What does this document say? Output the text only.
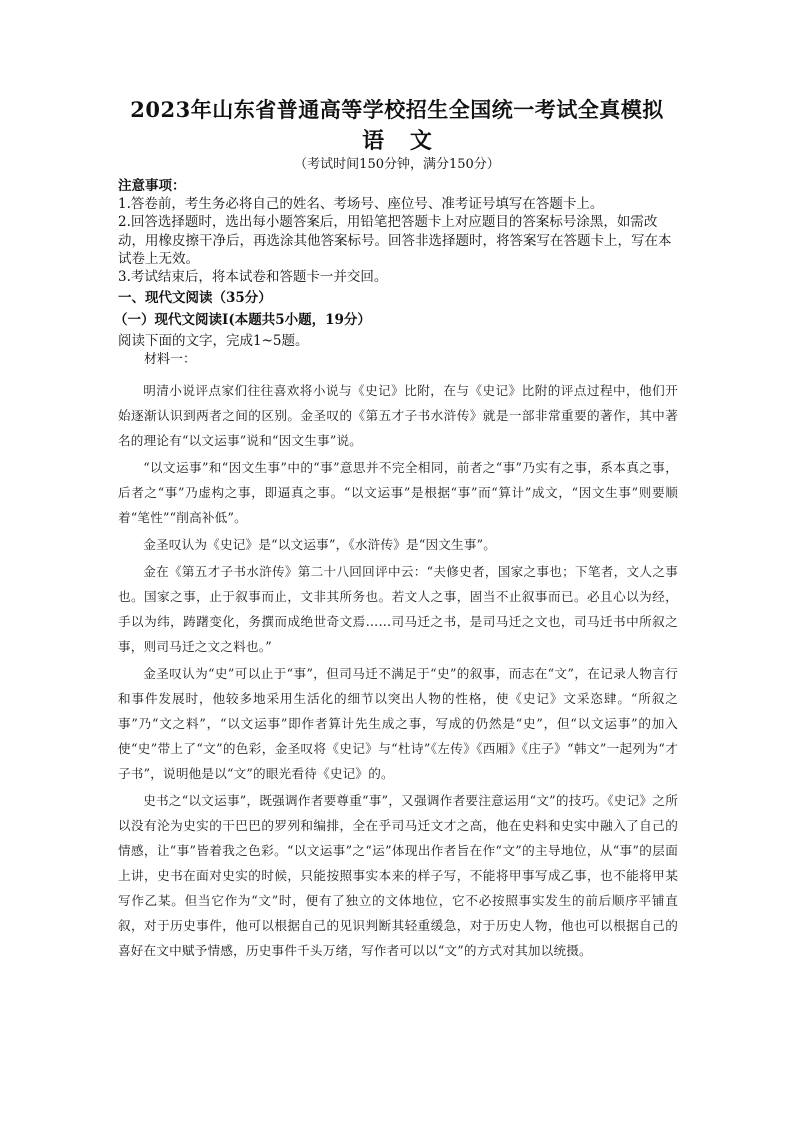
2023年山东省普通高等学校招生全国统一考试全真模拟
语 文
（考试时间150分钟，满分150分）

注意事项：

1.答卷前，考生务必将自己的姓名、考场号、座位号、准考证号填写在答题卡上。

2.回答选择题时，选出每小题答案后，用铅笔把答题卡上对应题目的答案标号涂黑，如需改动，用橡皮擦干净后，再选涂其他答案标号。回答非选择题时，将答案写在答题卡上，写在本试卷上无效。

3.考试结束后，将本试卷和答题卡一并交回。

一、现代文阅读（35分）
（一）现代文阅读Ⅰ(本题共5小题，19分）
阅读下面的文字，完成1~5题。
材料一：

明清小说评点家们往往喜欢将小说与《史记》比附，在与《史记》比附的评点过程中，他们开始逐渐认识到两者之间的区别。金圣叹的《第五才子书水浒传》就是一部非常重要的著作，其中著名的理论有“以文运事”说和“因文生事”说。

“以文运事”和“因文生事”中的“事”意思并不完全相同，前者之“事”乃实有之事，系本真之事，后者之“事”乃虚构之事，即逼真之事。“以文运事”是根据“事”而“算计”成文，“因文生事”则要顺着“笔性”“削高补低”。

金圣叹认为《史记》是“以文运事”，《水浒传》是“因文生事”。

金在《第五才子书水浒传》第二十八回回评中云：“夫修史者，国家之事也；下笔者，文人之事也。国家之事，止于叙事而止，文非其所务也。若文人之事，固当不止叙事而已。必且心以为经，手以为纬，踌躇变化，务撰而成绝世奇文焉……司马迁之书，是司马迁之文也，司马迁书中所叙之事，则司马迁之文之料也。”

金圣叹认为“史”可以止于“事”，但司马迁不满足于“史”的叙事，而志在“文”，在记录人物言行和事件发展时，他较多地采用生活化的细节以突出人物的性格，使《史记》文采恣肆。“所叙之事”乃“文之料”，“以文运事”即作者算计先生成之事，写成的仍然是“史”，但“以文运事”的加入使“史”带上了“文”的色彩，金圣叹将《史记》与“杜诗”《左传》《西厢》《庄子》“韩文”一起列为“才子书”，说明他是以“文”的眼光看待《史记》的。

史书之“以文运事”，既强调作者要尊重“事”，又强调作者要注意运用“文”的技巧。《史记》之所以没有沦为史实的干巴巴的罗列和编排，全在乎司马迁文才之高，他在史料和史实中融入了自己的情感，让“事”皆着我之色彩。“以文运事”之“运”体现出作者旨在作“文”的主导地位，从“事”的层面上讲，史书在面对史实的时候，只能按照事实本来的样子写，不能将甲事写成乙事，也不能将甲某写作乙某。但当它作为“文”时，便有了独立的文体地位，它不必按照事实发生的前后顺序平铺直叙，对于历史事件，他可以根据自己的见识判断其轻重缓急，对于历史人物，他也可以根据自己的喜好在文中赋予情感，历史事件千头万绪，写作者可以以“文”的方式对其加以统摄。
